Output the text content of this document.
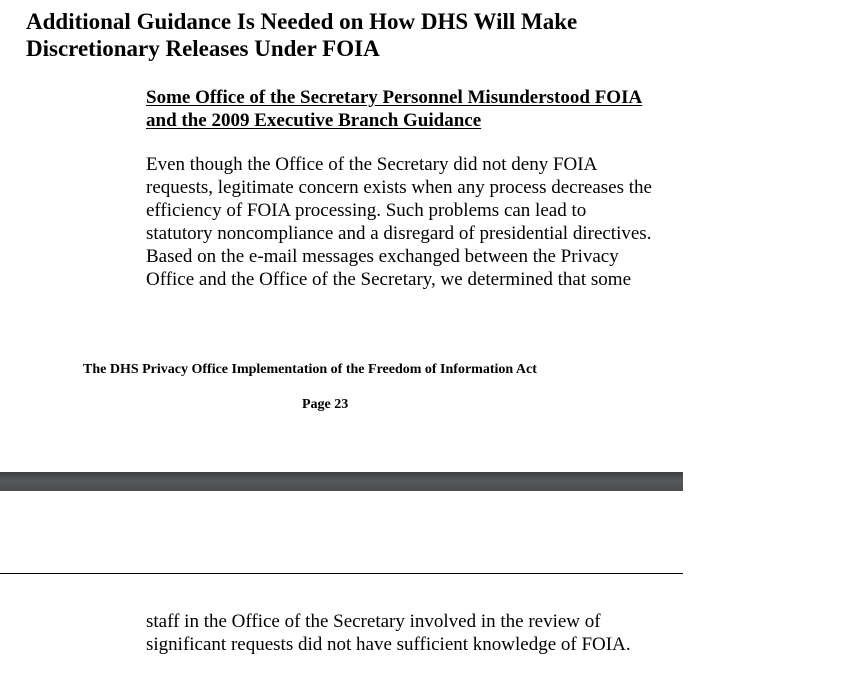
Additional Guidance Is Needed on How DHS Will Make
Discretionary Releases Under FOIA
Some Office of the Secretary Personnel Misunderstood FOIA
and the 2009 Executive Branch Guidance

Even though the Office of the Secretary did not deny FOIA
requests, legitimate concern exists when any process decreases the
efficiency of FOIA processing. Such problems can lead to
statutory noncompliance and a disregard of presidential directives.
Based on the e-mail messages exchanged between the Privacy
Office and the Office of the Secretary, we determined that some

The DHS Privacy Office Implementation of the Freedom of Information Act
Page 23

staff in the Office of the Secretary involved in the review of
significant requests did not have sufficient knowledge of FOIA.
